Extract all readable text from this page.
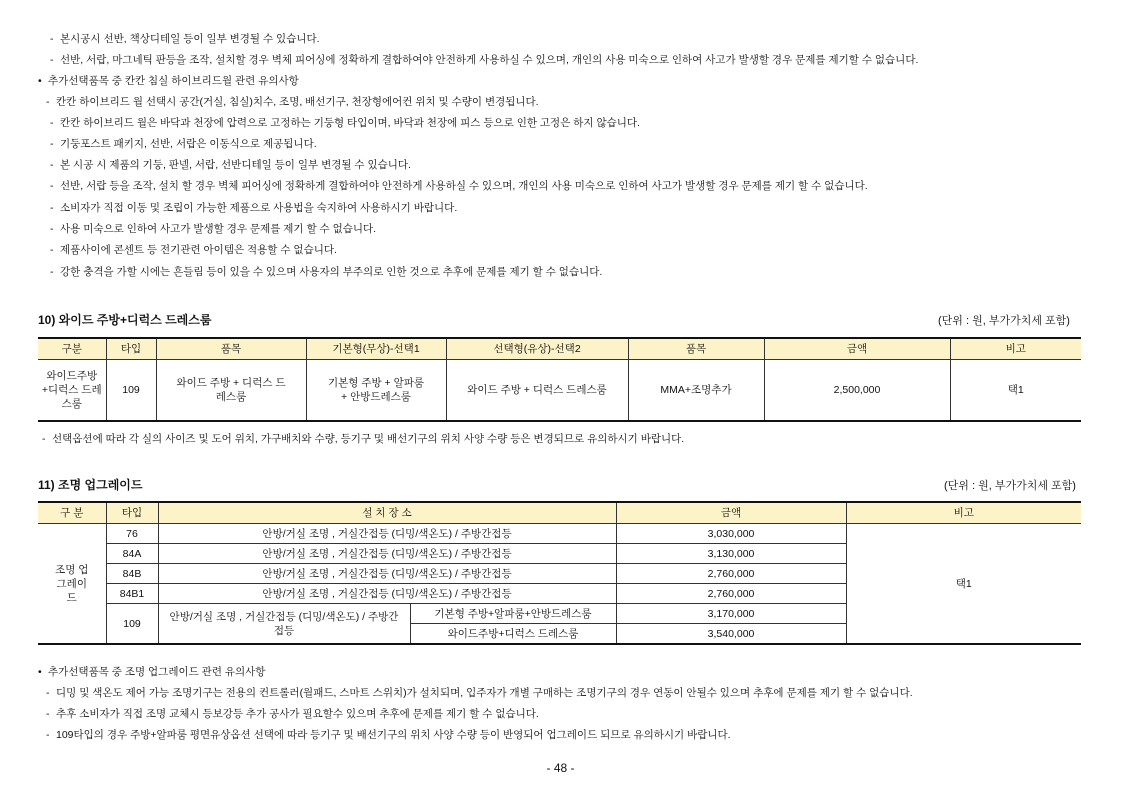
- 본시공시 선반, 책상디테일 등이 일부 변경될 수 있습니다.
- 선반, 서랍, 마그네틱 판등을 조작, 설치할 경우 벽체 피어싱에 정확하게 결합하여야 안전하게 사용하실 수 있으며, 개인의 사용 미숙으로 인하여 사고가 발생할 경우 문제를 제기할 수 없습니다.
• 추가선택품목 중 칸칸 침실 하이브리드월 관련 유의사항
- 칸칸 하이브리드 월 선택시 공간(거실, 침실)치수, 조명, 배선기구, 천장형에어컨 위치 및 수량이 변경됩니다.
- 칸칸 하이브리드 월은 바닥과 천장에 압력으로 고정하는 기둥형 타입이며, 바닥과 천장에 피스 등으로 인한 고정은 하지 않습니다.
- 기둥포스트 패키지, 선반, 서랍은 이동식으로 제공됩니다.
- 본 시공 시 제품의 기둥, 판넬, 서랍, 선반디테일 등이 일부 변경될 수 있습니다.
- 선반, 서랍 등을 조작, 설치 할 경우 벽체 피어싱에 정확하게 결합하여야 안전하게 사용하실 수 있으며, 개인의 사용 미숙으로 인하여 사고가 발생할 경우 문제를 제기 할 수 없습니다.
- 소비자가 직접 이동 및 조립이 가능한 제품으로 사용법을 숙지하여 사용하시기 바랍니다.
- 사용 미숙으로 인하여 사고가 발생할 경우 문제를 제기 할 수 없습니다.
- 제품사이에 콘센트 등 전기관련 아이템은 적용할 수 없습니다.
- 강한 충격을 가할 시에는 흔들림 등이 있을 수 있으며 사용자의 부주의로 인한 것으로 추후에 문제를 제기 할 수 없습니다.
10) 와이드 주방+디럭스 드레스룸	(단위 : 원, 부가가치세 포함)
구분	타입	품목	기본형(무상)-선택1	선택형(유상)-선택2	품목	금액	비고
와이드주방+디럭스 드레스룸	109	와이드 주방 + 디럭스 드레스룸	기본형 주방 + 알파룸 + 안방드레스룸	와이드 주방 + 디럭스 드레스룸	MMA+조명추가	2,500,000	택1
- 선택옵션에 따라 각 실의 사이즈 및 도어 위치, 가구배치와 수량, 등기구 및 배선기구의 위치 사양 수량 등은 변경되므로 유의하시기 바랍니다.
11) 조명 업그레이드	(단위 : 원, 부가가치세 포함)
구 분	타입	설 치 장 소		금액	비고
조명 업그레이드	76	안방/거실 조명 , 거실간접등 (디밍/색온도) / 주방간접등		3,030,000	택1
	84A	안방/거실 조명 , 거실간접등 (디밍/색온도) / 주방간접등		3,130,000	
	84B	안방/거실 조명 , 거실간접등 (디밍/색온도) / 주방간접등		2,760,000	
	84B1	안방/거실 조명 , 거실간접등 (디밍/색온도) / 주방간접등		2,760,000	
	109	안방/거실 조명 , 거실간접등 (디밍/색온도) / 주방간접등	기본형 주방+알파룸+안방드레스룸	3,170,000	
			와이드주방+디럭스 드레스룸	3,540,000	
• 추가선택품목 중 조명 업그레이드 관련 유의사항
- 디밍 및 색온도 제어 가능 조명기구는 전용의 컨트롤러(월패드, 스마트 스위치)가 설치되며, 입주자가 개별 구매하는 조명기구의 경우 연동이 안될수 있으며 추후에 문제를 제기 할 수 없습니다.
- 추후 소비자가 직접 조명 교체시 등보강등 추가 공사가 필요할수 있으며 추후에 문제를 제기 할 수 없습니다.
- 109타입의 경우 주방+알파룸 평면유상옵션 선택에 따라 등기구 및 배선기구의 위치 사양 수량 등이 반영되어 업그레이드 되므로 유의하시기 바랍니다.
- 48 -
